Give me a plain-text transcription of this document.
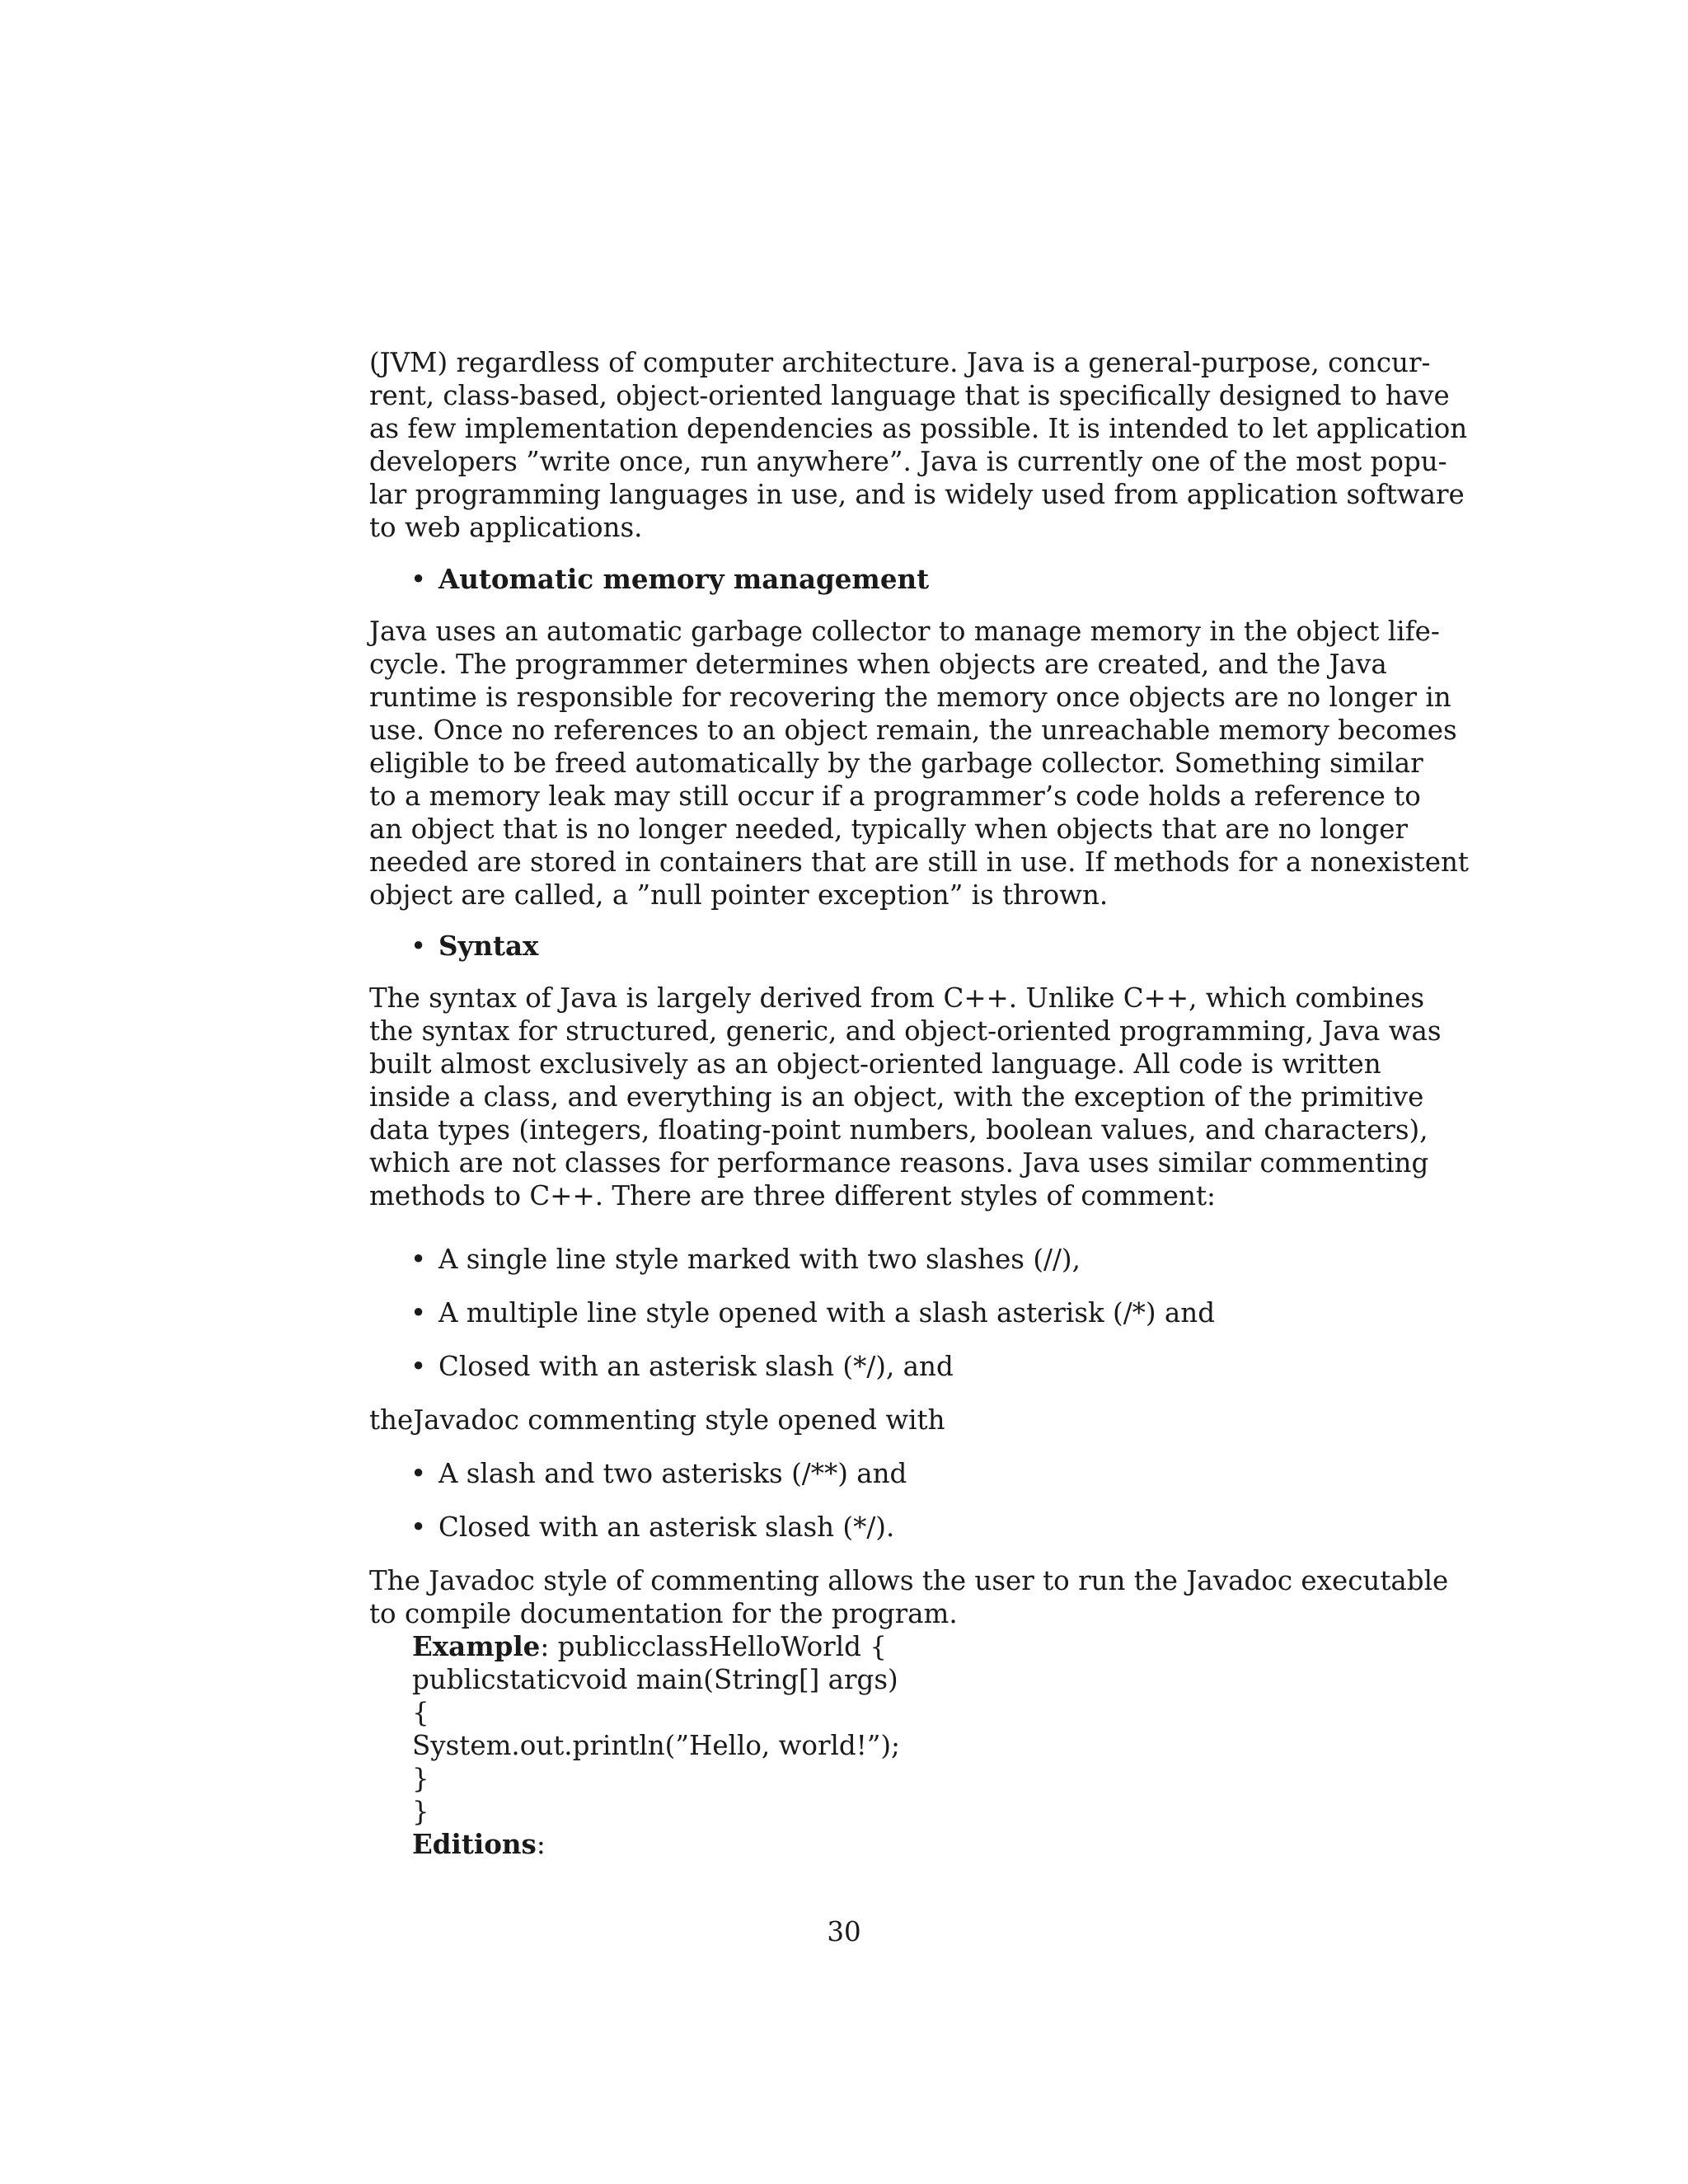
(JVM) regardless of computer architecture. Java is a general-purpose, concur-
rent, class-based, object-oriented language that is specifically designed to have
as few implementation dependencies as possible. It is intended to let application
developers ”write once, run anywhere”. Java is currently one of the most popu-
lar programming languages in use, and is widely used from application software
to web applications.
• Automatic memory management
Java uses an automatic garbage collector to manage memory in the object life-
cycle. The programmer determines when objects are created, and the Java
runtime is responsible for recovering the memory once objects are no longer in
use. Once no references to an object remain, the unreachable memory becomes
eligible to be freed automatically by the garbage collector. Something similar
to a memory leak may still occur if a programmer’s code holds a reference to
an object that is no longer needed, typically when objects that are no longer
needed are stored in containers that are still in use. If methods for a nonexistent
object are called, a ”null pointer exception” is thrown.
• Syntax
The syntax of Java is largely derived from C++. Unlike C++, which combines
the syntax for structured, generic, and object-oriented programming, Java was
built almost exclusively as an object-oriented language. All code is written
inside a class, and everything is an object, with the exception of the primitive
data types (integers, floating-point numbers, boolean values, and characters),
which are not classes for performance reasons. Java uses similar commenting
methods to C++. There are three different styles of comment:
• A single line style marked with two slashes (//),
• A multiple line style opened with a slash asterisk (/*) and
• Closed with an asterisk slash (*/), and
theJavadoc commenting style opened with
• A slash and two asterisks (/**) and
• Closed with an asterisk slash (*/).
The Javadoc style of commenting allows the user to run the Javadoc executable
to compile documentation for the program.
Example: publicclassHelloWorld {
publicstaticvoid main(String[] args)
{
System.out.println(”Hello, world!”);
}
}
Editions:
30
